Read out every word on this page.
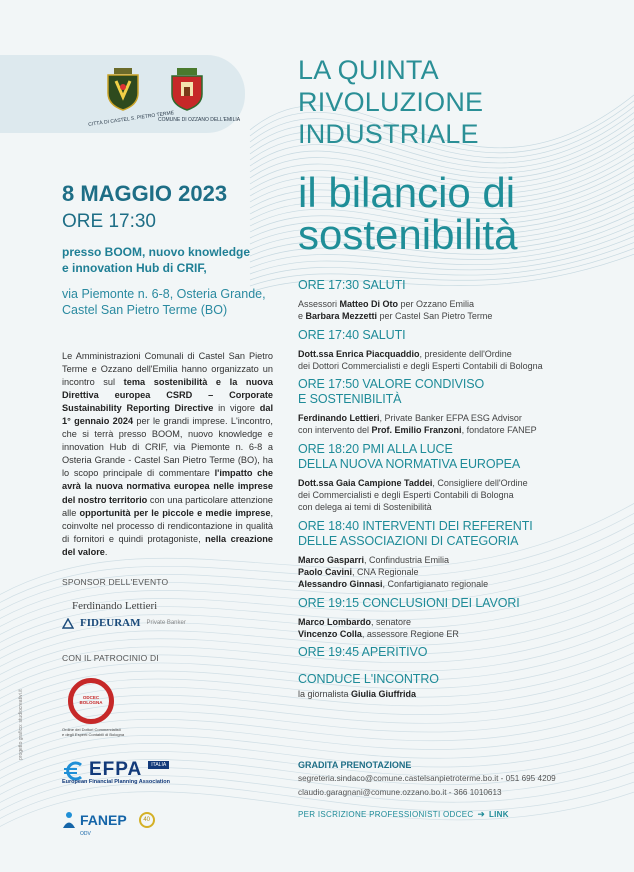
CITTÀ DI CASTEL S. PIETRO TERME
COMUNE DI OZZANO DELL'EMILIA
LA QUINTA
RIVOLUZIONE
INDUSTRIALE
il bilancio di
sostenibilità
8 MAGGIO 2023
ORE 17:30
presso BOOM, nuovo knowledge
e innovation Hub di CRIF,
via Piemonte n. 6-8, Osteria Grande,
Castel San Pietro Terme (BO)
Le Amministrazioni Comunali di Castel San Pietro Terme e Ozzano dell'Emilia hanno organizzato un incontro sul tema sostenibilità e la nuova Direttiva europea CSRD – Corporate Sustainability Reporting Directive in vigore dal 1° gennaio 2024 per le grandi imprese. L'incontro, che si terrà presso BOOM, nuovo knowledge e innovation Hub di CRIF, via Piemonte n. 6-8 a Osteria Grande - Castel San Pietro Terme (BO), ha lo scopo principale di commentare l'impatto che avrà la nuova normativa europea nelle imprese del nostro territorio con una particolare attenzione alle opportunità per le piccole e medie imprese, coinvolte nel processo di rendicontazione in qualità di fornitori e quindi protagoniste, nella creazione del valore.
SPONSOR DELL'EVENTO
Ferdinando Lettieri
FIDEURAM Private Banker
CON IL PATROCINIO DI
ODCEC BOLOGNA
Ordine dei Dottori Commercialisti
e degli Esperti Contabili di Bologna
EFPA	ITALIA
European Financial Planning Association
FANEP	40
ODV
progetto grafico: studiocreativi.it
ORE 17:30 SALUTI
Assessori Matteo Di Oto per Ozzano Emilia
e Barbara Mezzetti per Castel San Pietro Terme
ORE 17:40 SALUTI
Dott.ssa Enrica Piacquaddio, presidente dell'Ordine
dei Dottori Commercialisti e degli Esperti Contabili di Bologna
ORE 17:50 VALORE CONDIVISO
E SOSTENIBILITÀ
Ferdinando Lettieri, Private Banker EFPA ESG Advisor
con intervento del Prof. Emilio Franzoni, fondatore FANEP
ORE 18:20 PMI ALLA LUCE
DELLA NUOVA NORMATIVA EUROPEA
Dott.ssa Gaia Campione Taddei, Consigliere dell'Ordine
dei Commercialisti e degli Esperti Contabili di Bologna
con delega ai temi di Sostenibilità
ORE 18:40 INTERVENTI DEI REFERENTI
DELLE ASSOCIAZIONI DI CATEGORIA
Marco Gasparri, Confindustria Emilia
Paolo Cavini, CNA Regionale
Alessandro Ginnasi, Confartigianato regionale
ORE 19:15 CONCLUSIONI DEI LAVORI
Marco Lombardo, senatore
Vincenzo Colla, assessore Regione ER
ORE 19:45 APERITIVO
CONDUCE L'INCONTRO
la giornalista Giulia Giuffrida
GRADITA PRENOTAZIONE
segreteria.sindaco@comune.castelsanpietroterme.bo.it - 051 695 4209
claudio.garagnani@comune.ozzano.bo.it - 366 1010613
PER ISCRIZIONE PROFESSIONISTI ODCEC ➜ LINK
